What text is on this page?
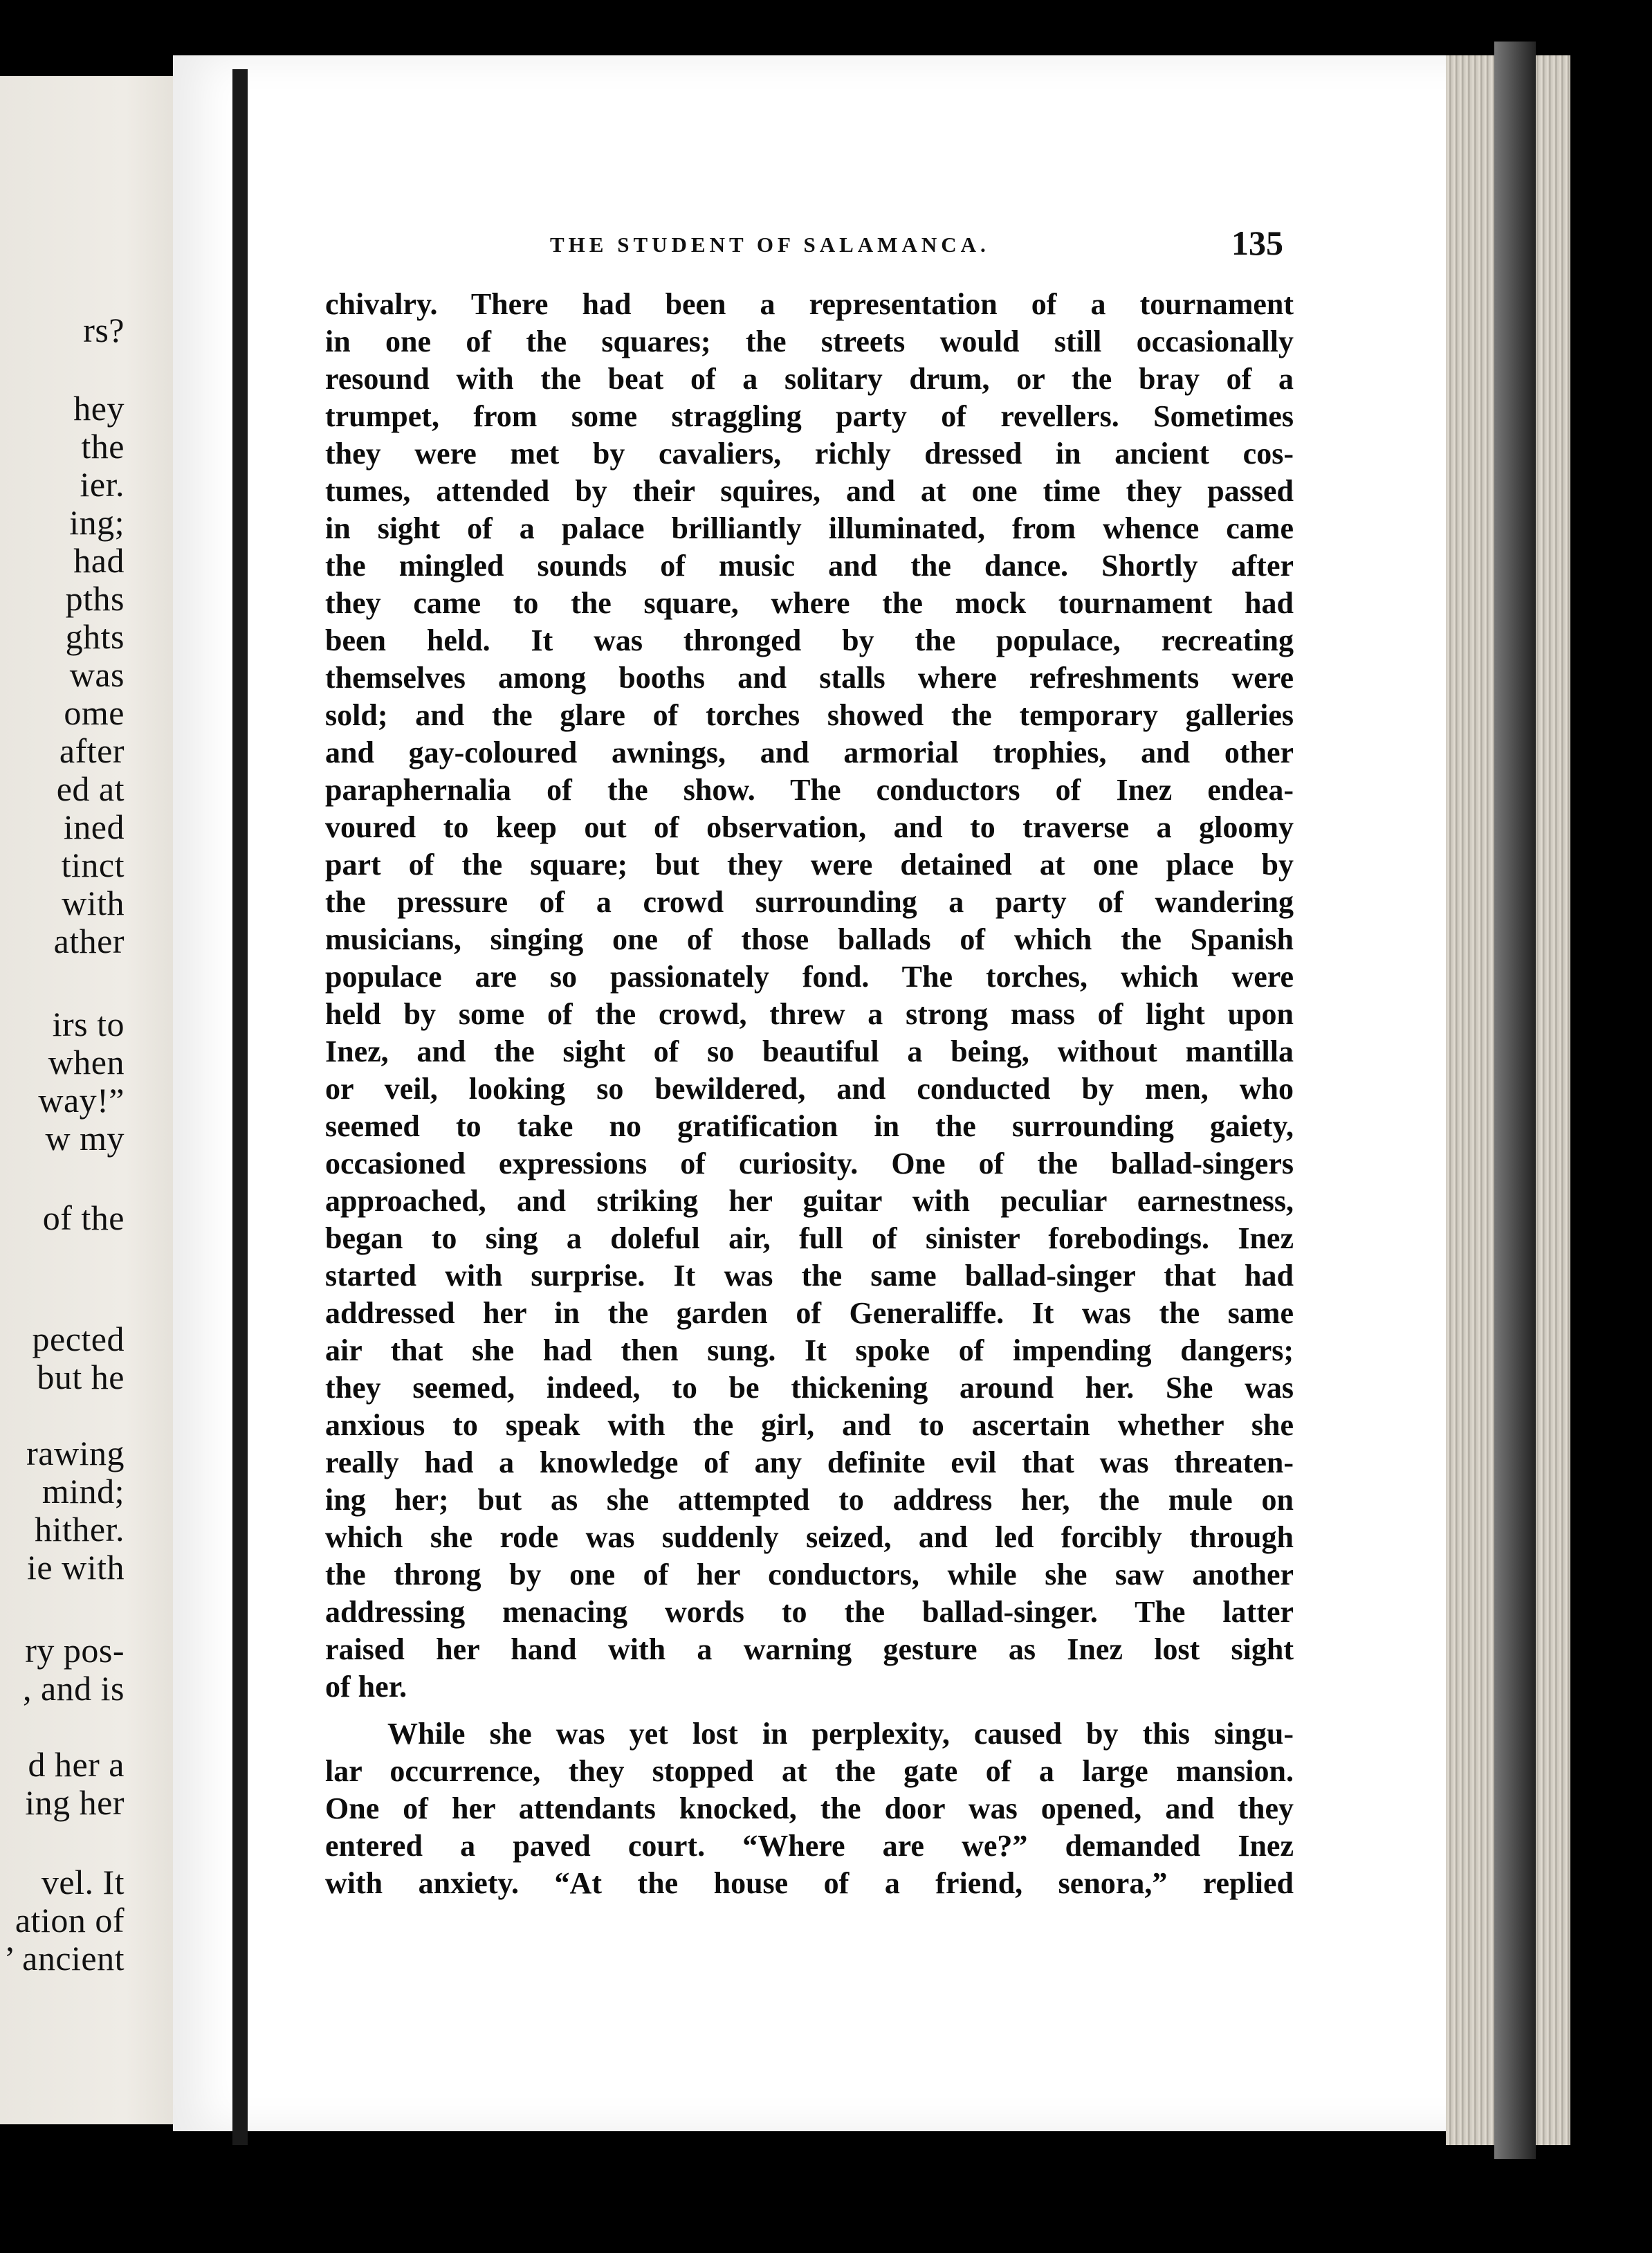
rs?
hey
the
ier.
ing;
had
pths
ghts
was
ome
after
ed at
ined
tinct
with
ather
irs to
when
way!”
w my
of the
pected
but he
rawing
mind;
hither.
ie with
ry pos-
, and is
d her a
ing her
vel. It
ation of
’ ancient
THE STUDENT OF SALAMANCA.	135
chivalry. There had been a representation of a tournament
in one of the squares; the streets would still occasionally
resound with the beat of a solitary drum, or the bray of a
trumpet, from some straggling party of revellers. Sometimes
they were met by cavaliers, richly dressed in ancient cos-
tumes, attended by their squires, and at one time they passed
in sight of a palace brilliantly illuminated, from whence came
the mingled sounds of music and the dance. Shortly after
they came to the square, where the mock tournament had
been held. It was thronged by the populace, recreating
themselves among booths and stalls where refreshments were
sold; and the glare of torches showed the temporary galleries
and gay-coloured awnings, and armorial trophies, and other
paraphernalia of the show. The conductors of Inez endea-
voured to keep out of observation, and to traverse a gloomy
part of the square; but they were detained at one place by
the pressure of a crowd surrounding a party of wandering
musicians, singing one of those ballads of which the Spanish
populace are so passionately fond. The torches, which were
held by some of the crowd, threw a strong mass of light upon
Inez, and the sight of so beautiful a being, without mantilla
or veil, looking so bewildered, and conducted by men, who
seemed to take no gratification in the surrounding gaiety,
occasioned expressions of curiosity. One of the ballad-singers
approached, and striking her guitar with peculiar earnestness,
began to sing a doleful air, full of sinister forebodings. Inez
started with surprise. It was the same ballad-singer that had
addressed her in the garden of Generaliffe. It was the same
air that she had then sung. It spoke of impending dangers;
they seemed, indeed, to be thickening around her. She was
anxious to speak with the girl, and to ascertain whether she
really had a knowledge of any definite evil that was threaten-
ing her; but as she attempted to address her, the mule on
which she rode was suddenly seized, and led forcibly through
the throng by one of her conductors, while she saw another
addressing menacing words to the ballad-singer. The latter
raised her hand with a warning gesture as Inez lost sight
of her.
While she was yet lost in perplexity, caused by this singu-
lar occurrence, they stopped at the gate of a large mansion.
One of her attendants knocked, the door was opened, and they
entered a paved court. “Where are we?” demanded Inez
with anxiety. “At the house of a friend, senora,” replied
